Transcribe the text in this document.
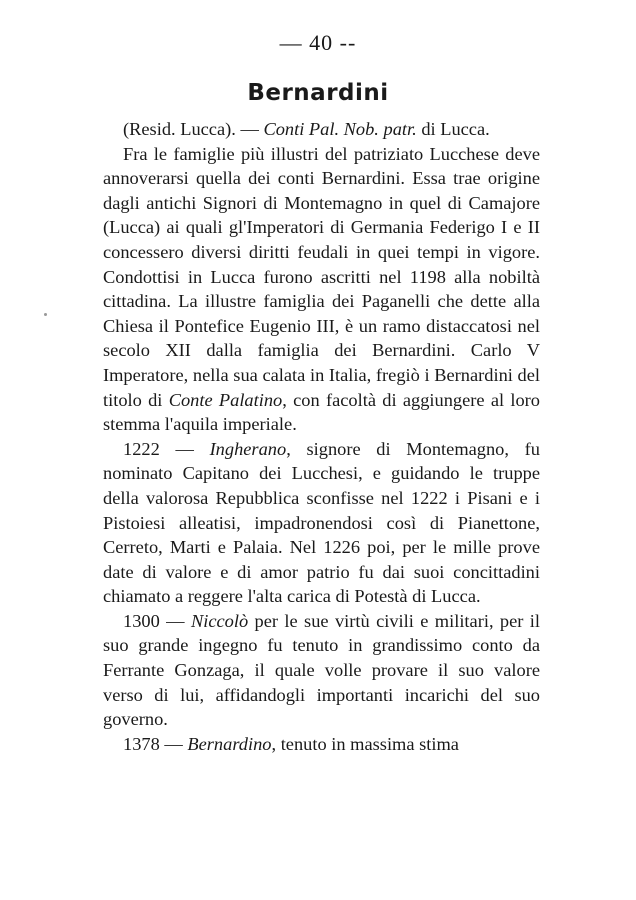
— 40 --
Bernardini

(Resid. Lucca). — Conti Pal. Nob. patr. di Lucca.

Fra le famiglie più illustri del patriziato Lucchese deve annoverarsi quella dei conti Bernardini. Essa trae origine dagli antichi Signori di Montemagno in quel di Camajore (Lucca) ai quali gl'Imperatori di Germania Federigo I e II concessero diversi diritti feudali in quei tempi in vigore. Condottisi in Lucca furono ascritti nel 1198 alla nobiltà cittadina. La illustre famiglia dei Paganelli che dette alla Chiesa il Pontefice Eugenio III, è un ramo distaccatosi nel secolo XII dalla famiglia dei Bernardini. Carlo V Imperatore, nella sua calata in Italia, fregiò i Bernardini del titolo di Conte Palatino, con facoltà di aggiungere al loro stemma l'aquila imperiale.

1222 — Ingherano, signore di Montemagno, fu nominato Capitano dei Lucchesi, e guidando le truppe della valorosa Repubblica sconfisse nel 1222 i Pisani e i Pistoiesi alleatisi, impadronendosi così di Pianettone, Cerreto, Marti e Palaia. Nel 1226 poi, per le mille prove date di valore e di amor patrio fu dai suoi concittadini chiamato a reggere l'alta carica di Potestà di Lucca.

1300 — Niccolò per le sue virtù civili e militari, per il suo grande ingegno fu tenuto in grandissimo conto da Ferrante Gonzaga, il quale volle provare il suo valore verso di lui, affidandogli importanti incarichi del suo governo.

1378 — Bernardino, tenuto in massima stima
